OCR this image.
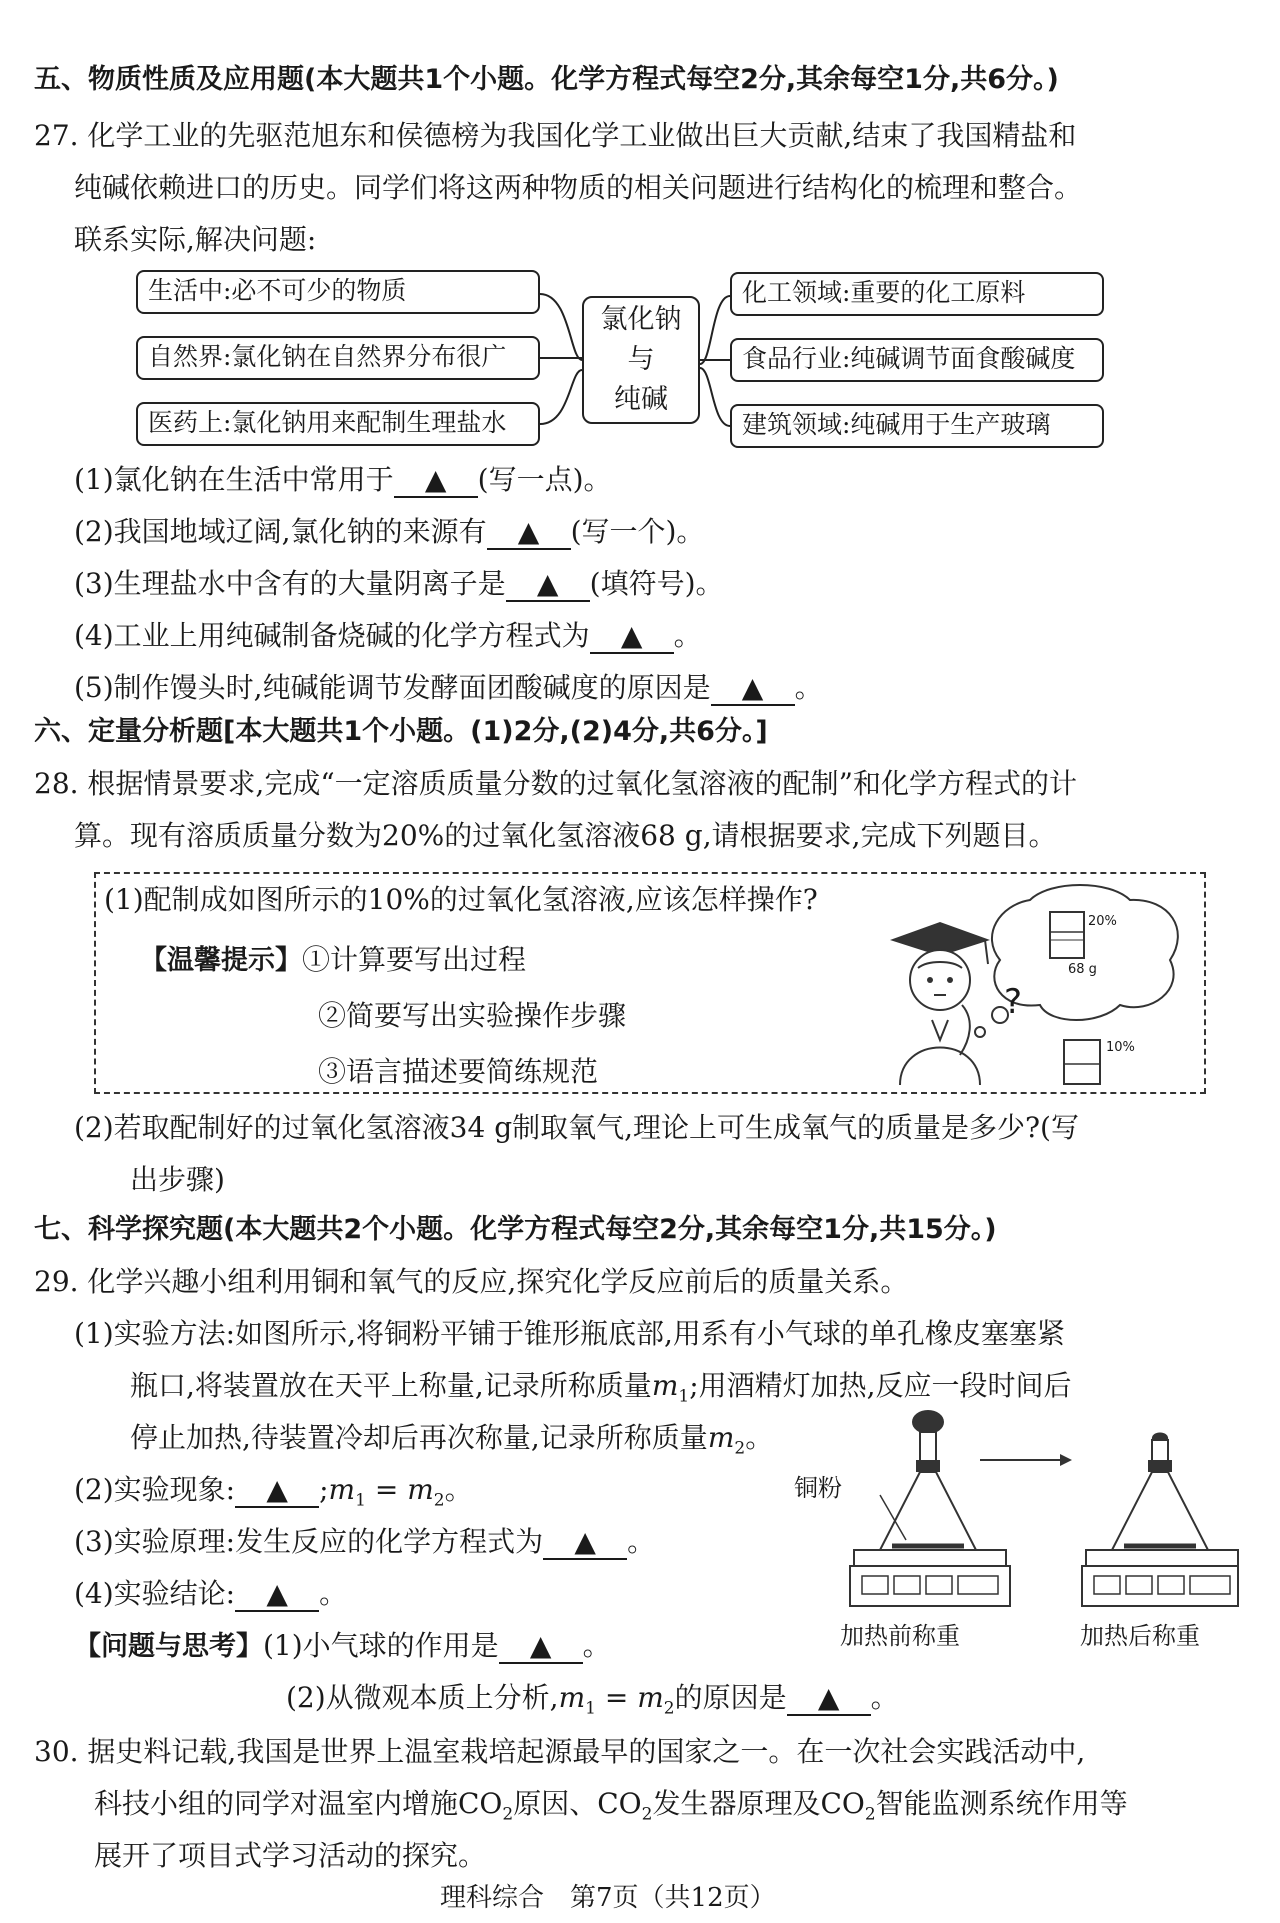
五、物质性质及应用题(本大题共1个小题。化学方程式每空2分,其余每空1分,共6分。)
27. 化学工业的先驱范旭东和侯德榜为我国化学工业做出巨大贡献,结束了我国精盐和
纯碱依赖进口的历史。同学们将这两种物质的相关问题进行结构化的梳理和整合。
联系实际,解决问题:
生活中:必不可少的物质
自然界:氯化钠在自然界分布很广
医药上:氯化钠用来配制生理盐水
氯化钠
与
纯碱
化工领域:重要的化工原料
食品行业:纯碱调节面食酸碱度
建筑领域:纯碱用于生产玻璃
(1)氯化钠在生活中常用于 ▲ (写一点)。
(2)我国地域辽阔,氯化钠的来源有 ▲ (写一个)。
(3)生理盐水中含有的大量阴离子是 ▲ (填符号)。
(4)工业上用纯碱制备烧碱的化学方程式为 ▲ 。
(5)制作馒头时,纯碱能调节发酵面团酸碱度的原因是 ▲ 。
六、定量分析题[本大题共1个小题。(1)2分,(2)4分,共6分。]
28. 根据情景要求,完成“一定溶质质量分数的过氧化氢溶液的配制”和化学方程式的计
算。现有溶质质量分数为20%的过氧化氢溶液68 g,请根据要求,完成下列题目。
(1)配制成如图所示的10%的过氧化氢溶液,应该怎样操作?
【温馨提示】①计算要写出过程
②简要写出实验操作步骤
③语言描述要简练规范
20%
68 g
?
10%
(2)若取配制好的过氧化氢溶液34 g制取氧气,理论上可生成氧气的质量是多少?(写
出步骤)
七、科学探究题(本大题共2个小题。化学方程式每空2分,其余每空1分,共15分。)
29. 化学兴趣小组利用铜和氧气的反应,探究化学反应前后的质量关系。
(1)实验方法:如图所示,将铜粉平铺于锥形瓶底部,用系有小气球的单孔橡皮塞塞紧
瓶口,将装置放在天平上称量,记录所称质量$m_1$;用酒精灯加热,反应一段时间后
停止加热,待装置冷却后再次称量,记录所称质量$m_2$。
(2)实验现象: ▲ $;m_1 = m_2$。
(3)实验原理:发生反应的化学方程式为 ▲ 。
(4)实验结论: ▲ 。
【问题与思考】(1)小气球的作用是 ▲ 。
(2)从微观本质上分析$,m_1 = m_2$的原因是 ▲ 。
铜粉
加热前称重	加热后称重
30. 据史料记载,我国是世界上温室栽培起源最早的国家之一。在一次社会实践活动中,
科技小组的同学对温室内增施$CO_2$原因、$CO_2$发生器原理及$CO_2$智能监测系统作用等
展开了项目式学习活动的探究。
理科综合　第7页（共12页）
